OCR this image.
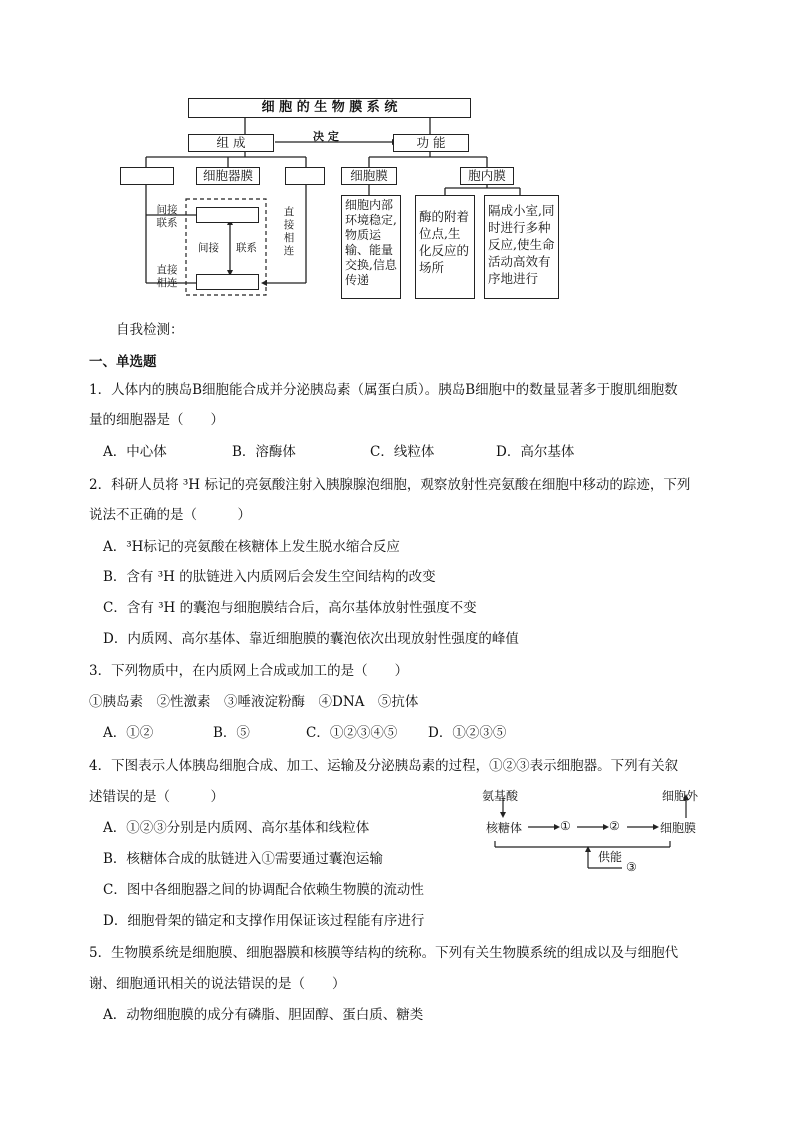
细 胞 的 生 物 膜 系 统
组 成	决 定	功 能
细胞器膜
间接 联系
间接 联系
直接 相连
直接 相连
细胞膜	胞内膜
细胞内部环境稳定,物质运输、能量交换,信息传递
酶的附着位点,生化反应的场所
隔成小室,同时进行多种反应,使生命活动高效有序地进行
自我检测：
一、单选题
1．人体内的胰岛B细胞能合成并分泌胰岛素（属蛋白质）。胰岛B细胞中的数量显著多于腹肌细胞数
量的细胞器是（　　）
A．中心体	B．溶酶体	C．线粒体	D．高尔基体
2．科研人员将 ³H 标记的亮氨酸注射入胰腺腺泡细胞，观察放射性亮氨酸在细胞中移动的踪迹，下列
说法不正确的是（　　　）
A．³H标记的亮氨酸在核糖体上发生脱水缩合反应
B．含有 ³H 的肽链进入内质网后会发生空间结构的改变
C．含有 ³H 的囊泡与细胞膜结合后，高尔基体放射性强度不变
D．内质网、高尔基体、靠近细胞膜的囊泡依次出现放射性强度的峰值
3．下列物质中，在内质网上合成或加工的是（　　）
①胰岛素　②性激素　③唾液淀粉酶　④DNA　⑤抗体
A．①②	B．⑤	C．①②③④⑤ D．①②③⑤
4．下图表示人体胰岛细胞合成、加工、运输及分泌胰岛素的过程，①②③表示细胞器。下列有关叙
述错误的是（　　　）
A．①②③分别是内质网、高尔基体和线粒体
B．核糖体合成的肽链进入①需要通过囊泡运输
C．图中各细胞器之间的协调配合依赖生物膜的流动性
D．细胞骨架的锚定和支撑作用保证该过程能有序进行
氨基酸
核糖体	①	②	细胞膜
细胞外
供能
③
5．生物膜系统是细胞膜、细胞器膜和核膜等结构的统称。下列有关生物膜系统的组成以及与细胞代
谢、细胞通讯相关的说法错误的是（　　）
A．动物细胞膜的成分有磷脂、胆固醇、蛋白质、糖类
